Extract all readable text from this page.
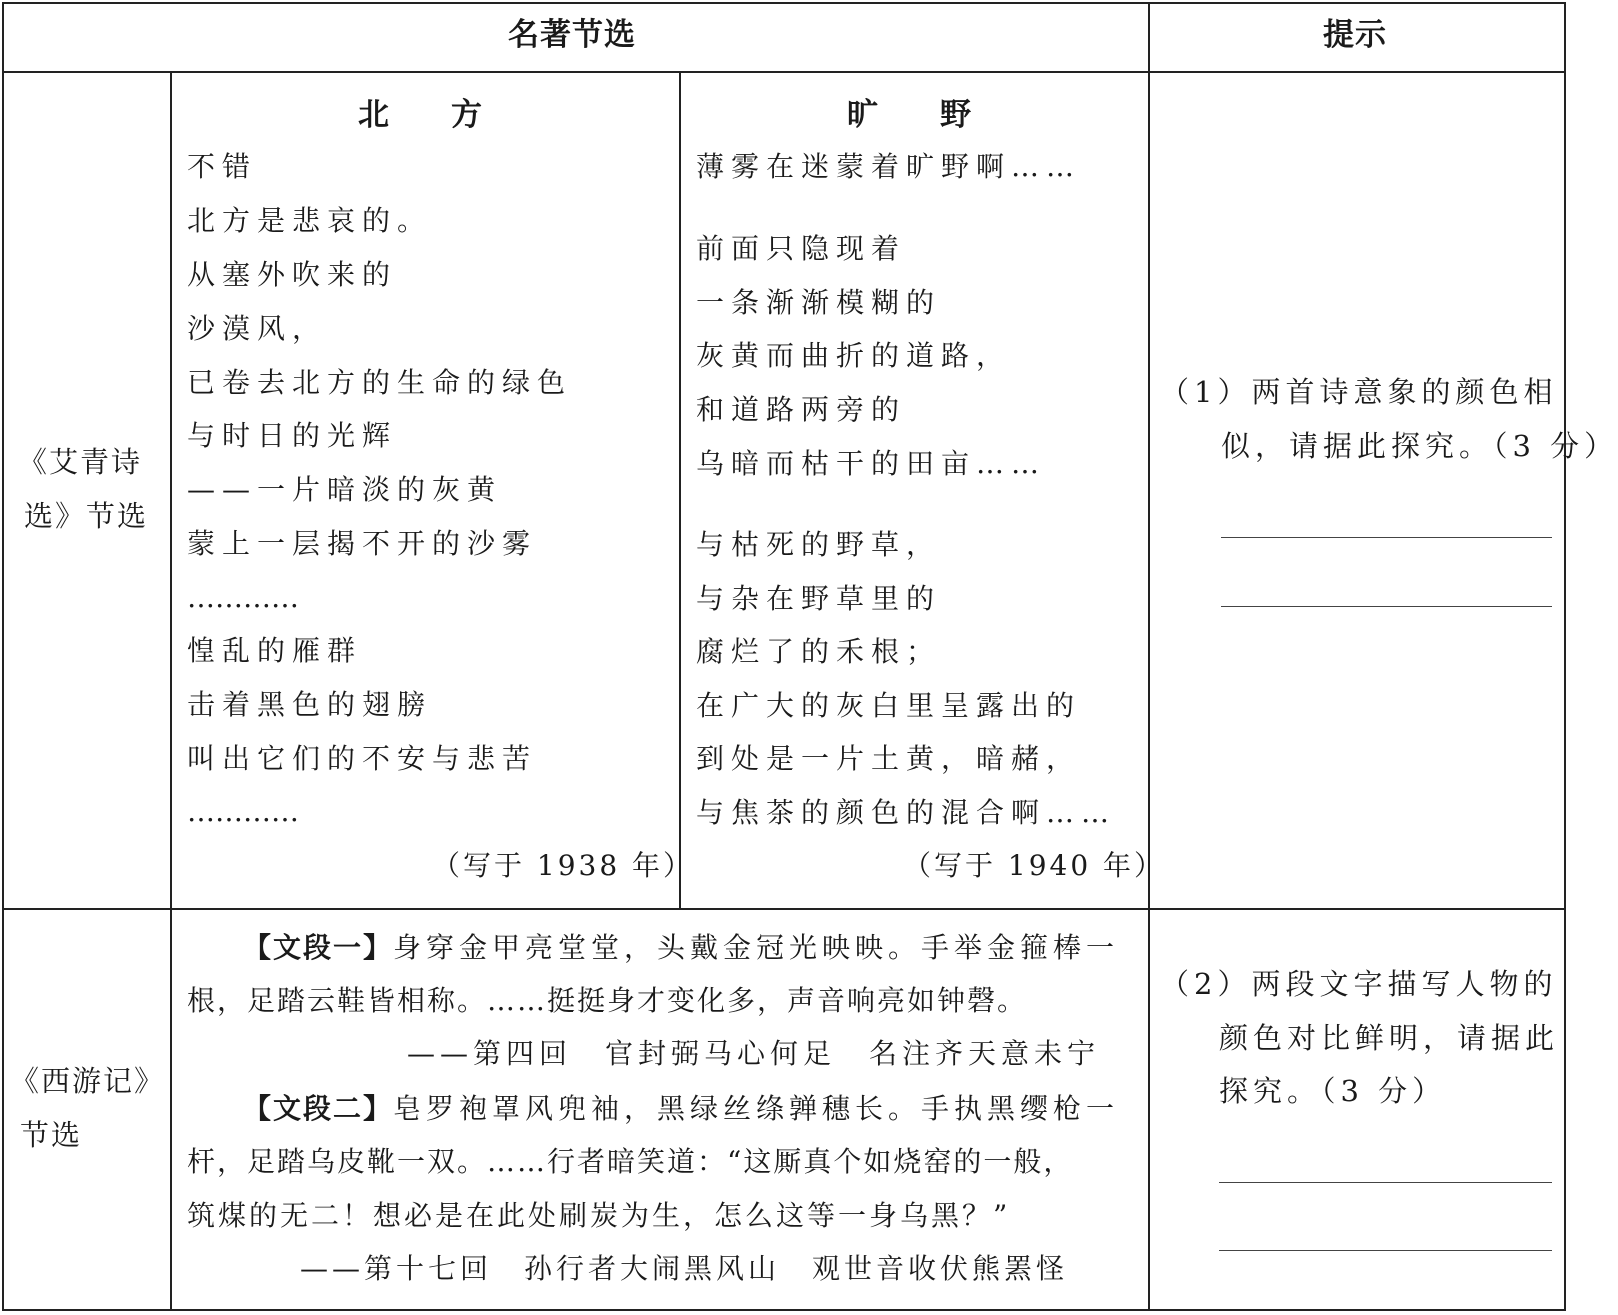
名著节选	提示
《艾青诗
选》节选
北　　方
不错
北方是悲哀的。
从塞外吹来的
沙漠风，
已卷去北方的生命的绿色
与时日的光辉
——一片暗淡的灰黄
蒙上一层揭不开的沙雾
…………
惶乱的雁群
击着黑色的翅膀
叫出它们的不安与悲苦
…………
（写于 1938 年）
旷　　野
薄雾在迷蒙着旷野啊……
前面只隐现着
一条渐渐模糊的
灰黄而曲折的道路，
和道路两旁的
乌暗而枯干的田亩……
与枯死的野草，
与杂在野草里的
腐烂了的禾根；
在广大的灰白里呈露出的
到处是一片土黄，暗赭，
与焦茶的颜色的混合啊……
（写于 1940 年）
（1）两首诗意象的颜色相
似，请据此探究。（3 分）
《西游记》
节选
【文段一】身穿金甲亮堂堂，头戴金冠光映映。手举金箍棒一
根，足踏云鞋皆相称。……挺挺身才变化多，声音响亮如钟磬。
——第四回　官封弼马心何足　名注齐天意未宁
【文段二】皂罗袍罩风兜袖，黑绿丝绦亸穗长。手执黑缨枪一
杆，足踏乌皮靴一双。……行者暗笑道：“这厮真个如烧窑的一般，
筑煤的无二！想必是在此处刷炭为生，怎么这等一身乌黑？”
——第十七回　孙行者大闹黑风山　观世音收伏熊罴怪
（2）两段文字描写人物的
颜色对比鲜明，请据此
探究。（3 分）
